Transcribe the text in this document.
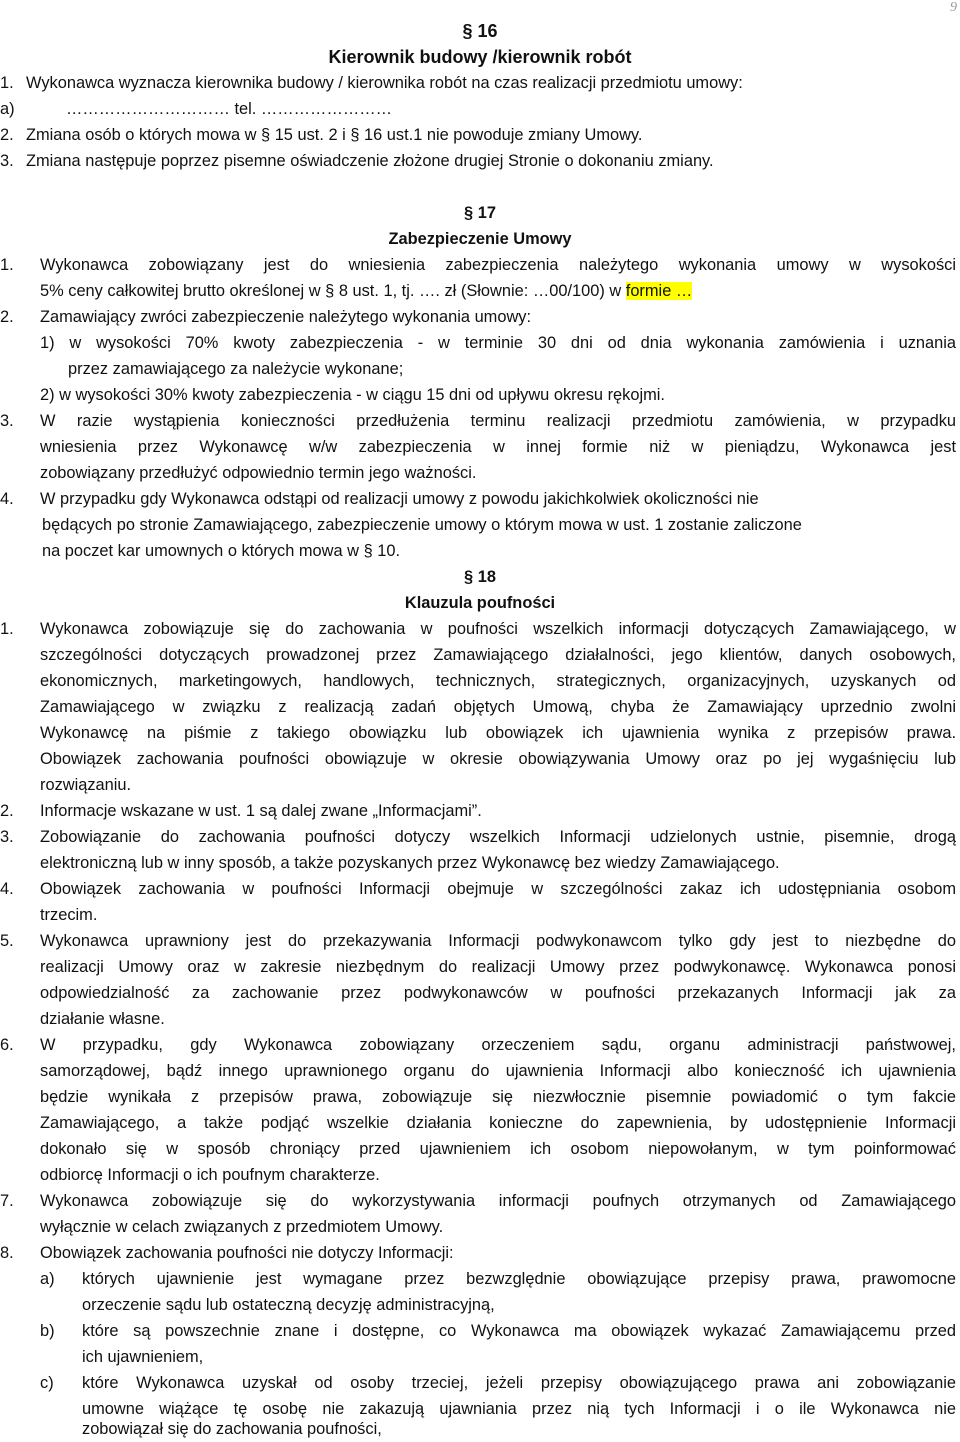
9
§ 16
Kierownik budowy /kierownik robót
1. Wykonawca wyznacza kierownika budowy / kierownika robót na czas realizacji przedmiotu umowy:
a)	………………………… tel. ……………………
2. Zmiana osób o których mowa w § 15 ust. 2 i § 16 ust.1 nie powoduje zmiany Umowy.
3. Zmiana następuje poprzez pisemne oświadczenie złożone drugiej Stronie o dokonaniu zmiany.
§ 17
Zabezpieczenie Umowy
1.	Wykonawca zobowiązany jest do wniesienia zabezpieczenia należytego wykonania umowy w wysokości
5% ceny całkowitej brutto określonej w § 8 ust. 1, tj. …. zł (Słownie: …00/100) w formie …
2.	Zamawiający zwróci zabezpieczenie należytego wykonania umowy:
1) w wysokości 70% kwoty zabezpieczenia - w terminie 30 dni od dnia wykonania zamówienia i uznania
przez zamawiającego za należycie wykonane;
2) w wysokości 30% kwoty zabezpieczenia - w ciągu 15 dni od upływu okresu rękojmi.
3.	W razie wystąpienia konieczności przedłużenia terminu realizacji przedmiotu zamówienia, w przypadku
wniesienia przez Wykonawcę w/w zabezpieczenia w innej formie niż w pieniądzu, Wykonawca jest
zobowiązany przedłużyć odpowiednio termin jego ważności.
4.	W przypadku gdy Wykonawca odstąpi od realizacji umowy z powodu jakichkolwiek okoliczności nie
będących po stronie Zamawiającego, zabezpieczenie umowy o którym mowa w ust. 1 zostanie zaliczone
na poczet kar umownych o których mowa w § 10.
§ 18
Klauzula poufności
1.	Wykonawca zobowiązuje się do zachowania w poufności wszelkich informacji dotyczących Zamawiającego, w
szczególności dotyczących prowadzonej przez Zamawiającego działalności, jego klientów, danych osobowych,
ekonomicznych, marketingowych, handlowych, technicznych, strategicznych, organizacyjnych, uzyskanych od
Zamawiającego w związku z realizacją zadań objętych Umową, chyba że Zamawiający uprzednio zwolni
Wykonawcę na piśmie z takiego obowiązku lub obowiązek ich ujawnienia wynika z przepisów prawa.
Obowiązek zachowania poufności obowiązuje w okresie obowiązywania Umowy oraz po jej wygaśnięciu lub
rozwiązaniu.
2.	Informacje wskazane w ust. 1 są dalej zwane „Informacjami”.
3.	Zobowiązanie do zachowania poufności dotyczy wszelkich Informacji udzielonych ustnie, pisemnie, drogą
elektroniczną lub w inny sposób, a także pozyskanych przez Wykonawcę bez wiedzy Zamawiającego.
4.	Obowiązek zachowania w poufności Informacji obejmuje w szczególności zakaz ich udostępniania osobom
trzecim.
5.	Wykonawca uprawniony jest do przekazywania Informacji podwykonawcom tylko gdy jest to niezbędne do
realizacji Umowy oraz w zakresie niezbędnym do realizacji Umowy przez podwykonawcę. Wykonawca ponosi
odpowiedzialność za zachowanie przez podwykonawców w poufności przekazanych Informacji jak za
działanie własne.
6.	W przypadku, gdy Wykonawca zobowiązany orzeczeniem sądu, organu administracji państwowej,
samorządowej, bądź innego uprawnionego organu do ujawnienia Informacji albo konieczność ich ujawnienia
będzie wynikała z przepisów prawa, zobowiązuje się niezwłocznie pisemnie powiadomić o tym fakcie
Zamawiającego, a także podjąć wszelkie działania konieczne do zapewnienia, by udostępnienie Informacji
dokonało się w sposób chroniący przed ujawnieniem ich osobom niepowołanym, w tym poinformować
odbiorcę Informacji o ich poufnym charakterze.
7.	Wykonawca zobowiązuje się do wykorzystywania informacji poufnych otrzymanych od Zamawiającego
wyłącznie w celach związanych z przedmiotem Umowy.
8.	Obowiązek zachowania poufności nie dotyczy Informacji:
a)	których ujawnienie jest wymagane przez bezwzględnie obowiązujące przepisy prawa, prawomocne
orzeczenie sądu lub ostateczną decyzję administracyjną,
b)	które są powszechnie znane i dostępne, co Wykonawca ma obowiązek wykazać Zamawiającemu przed
ich ujawnieniem,
c)	które Wykonawca uzyskał od osoby trzeciej, jeżeli przepisy obowiązującego prawa ani zobowiązanie
umowne wiążące tę osobę nie zakazują ujawniania przez nią tych Informacji i o ile Wykonawca nie
zobowiązał się do zachowania poufności,
